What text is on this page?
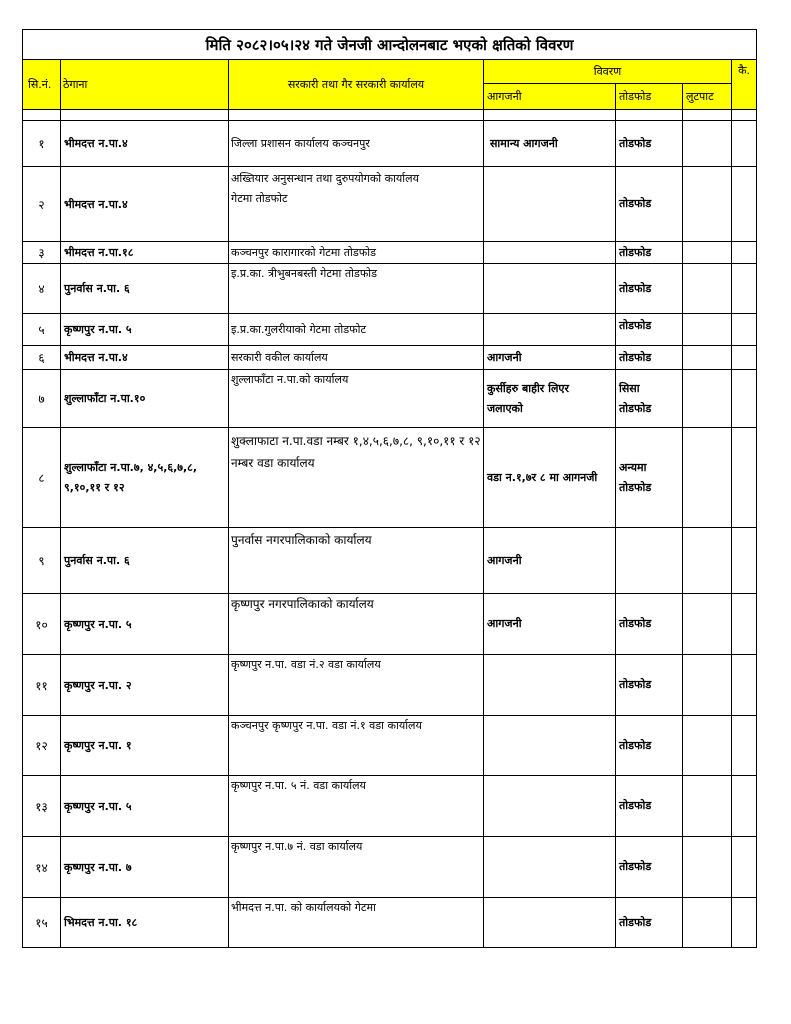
मिति २०८२।०५।२४ गते जेनजी आन्दोलनबाट भएको क्षतिको विवरण						
सि.नं.	ठेगाना	सरकारी तथा गैर सरकारी कार्यालय	विवरण			कै.
			आगजनी	तोडफोड	लुटपाट	

१	भीमदत्त न.पा.४	जिल्ला प्रशासन कार्यालय कञ्चनपुर	सामान्य आगजनी	तोडफोड		
२	भीमदत्त न.पा.४	अख्तियार अनुसन्धान तथा दुरुपयोगको कार्यालय गेटमा तोडफोट		तोडफोड		
३	भीमदत्त न.पा.१८	कञ्चनपुर कारागारको गेटमा तोडफोड		तोडफोड		
४	पुनर्वास न.पा. ६	इ.प्र.का. त्रीभुबनबस्ती गेटमा तोडफोड		तोडफोड		
५	कृष्णपुर न.पा. ५	इ.प्र.का.गुलरीयाको गेटमा तोडफोट		तोडफोड		
६	भीमदत्त न.पा.४	सरकारी वकील कार्यालय	आगजनी	तोडफोड		
७	शुल्लाफाँटा न.पा.१०	शुल्लाफाँटा न.पा.को कार्यालय	कुर्सीहरु बाहीर लिएर जलाएको	सिसा तोडफोड		
८	शुल्लाफाँटा न.पा.७, ४,५,६,७,८, ९,१०,११ र १२	शुक्लाफाटा न.पा.वडा नम्बर १,४,५,६,७,८, ९,१०,११ र १२ नम्बर वडा कार्यालय	वडा न.१,७र ८ मा आगनजी	अन्यमा तोडफोड		
९	पुनर्वास न.पा. ६	पुनर्वास नगरपालिकाको कार्यालय	आगजनी			
१०	कृष्णपुर न.पा. ५	कृष्णपुर नगरपालिकाको कार्यालय	आगजनी	तोडफोड		
११	कृष्णपुर न.पा. २	कृष्णपुर न.पा. वडा नं.२ वडा कार्यालय		तोडफोड		
१२	कृष्णपुर न.पा. १	कञ्चनपुर कृष्णपुर न.पा. वडा नं.१ वडा कार्यालय		तोडफोड		
१३	कृष्णपुर न.पा. ५	कृष्णपुर न.पा. ५ नं. वडा कार्यालय		तोडफोड		
१४	कृष्णपुर न.पा. ७	कृष्णपुर न.पा.७ नं. वडा कार्यालय		तोडफोड		
१५	भिमदत्त न.पा. १८	भीमदत्त न.पा. को कार्यालयको गेटमा		तोडफोड		
